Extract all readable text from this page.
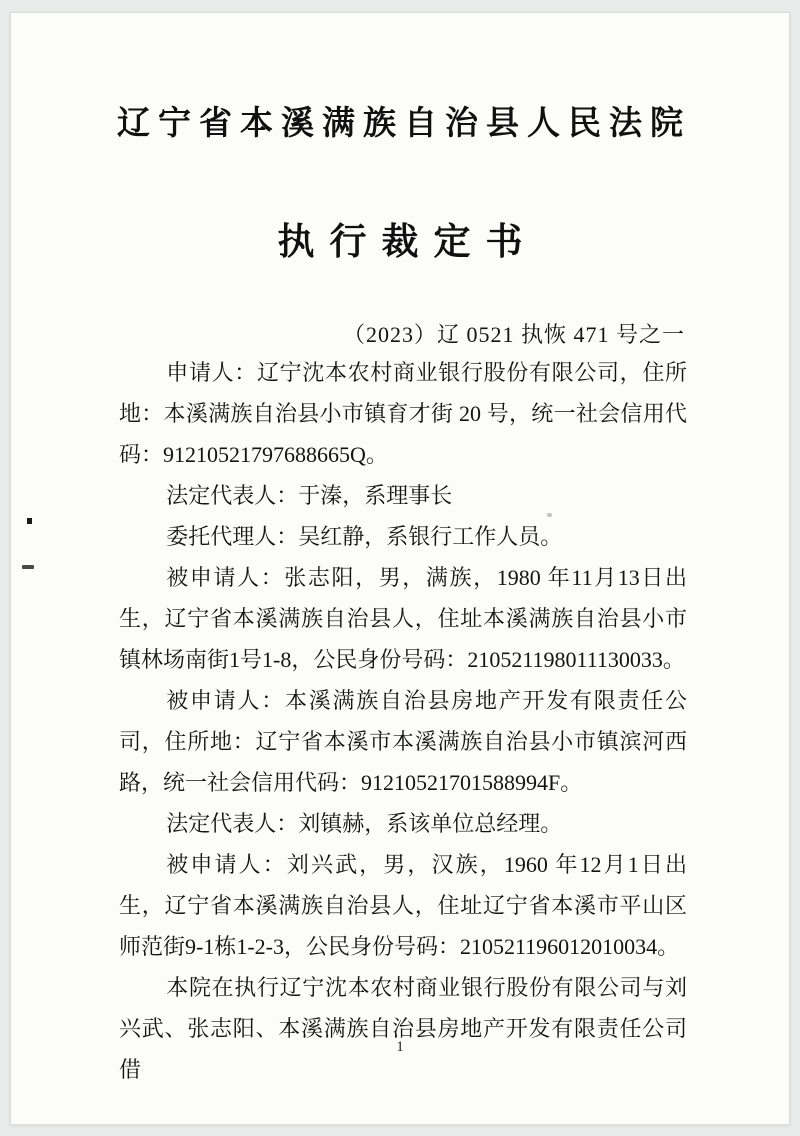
辽宁省本溪满族自治县人民法院
执行裁定书
（2023）辽 0521 执恢 471 号之一

申请人：辽宁沈本农村商业银行股份有限公司，住所地：本溪满族自治县小市镇育才街 20 号，统一社会信用代码：91210521797688665Q。

法定代表人：于溱，系理事长

委托代理人：吴红静，系银行工作人员。

被申请人：张志阳，男，满族，1980 年11月13日出生，辽宁省本溪满族自治县人，住址本溪满族自治县小市镇林场南街1号1-8，公民身份号码：210521198011130033。

被申请人：本溪满族自治县房地产开发有限责任公司，住所地：辽宁省本溪市本溪满族自治县小市镇滨河西路，统一社会信用代码：91210521701588994F。

法定代表人：刘镇赫，系该单位总经理。

被申请人：刘兴武，男，汉族，1960 年12月1日出生，辽宁省本溪满族自治县人，住址辽宁省本溪市平山区师范街9-1栋1-2-3，公民身份号码：210521196012010034。

本院在执行辽宁沈本农村商业银行股份有限公司与刘兴武、张志阳、本溪满族自治县房地产开发有限责任公司借

1
